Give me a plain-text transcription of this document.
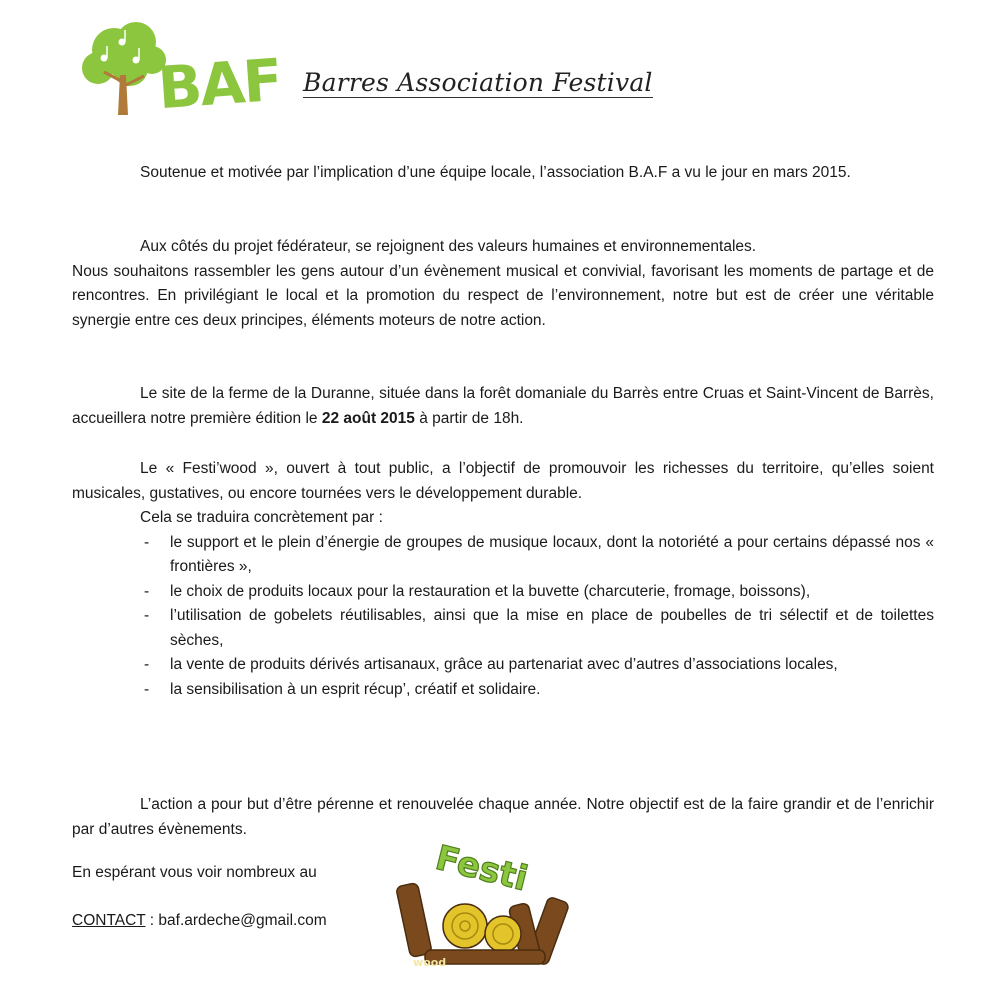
BAF Barres Association Festival

Soutenue et motivée par l’implication d’une équipe locale, l’association B.A.F a vu le jour en mars 2015.

Aux côtés du projet fédérateur, se rejoignent des valeurs humaines et environnementales.

Nous souhaitons rassembler les gens autour d’un évènement musical et convivial, favorisant les moments de partage et de rencontres. En privilégiant le local et la promotion du respect de l’environnement, notre but est de créer une véritable synergie entre ces deux principes, éléments moteurs de notre action.

Le site de la ferme de la Duranne, située dans la forêt domaniale du Barrès entre Cruas et Saint-Vincent de Barrès, accueillera notre première édition le 22 août 2015 à partir de 18h.

Le « Festi’wood », ouvert à tout public, a l’objectif de promouvoir les richesses du territoire, qu’elles soient musicales, gustatives, ou encore tournées vers le développement durable.

Cela se traduira concrètement par :

- le support et le plein d’énergie de groupes de musique locaux, dont la notoriété a pour certains dépassé nos « frontières »,
- le choix de produits locaux pour la restauration et la buvette (charcuterie, fromage, boissons),
- l’utilisation de gobelets réutilisables, ainsi que la mise en place de poubelles de tri sélectif et de toilettes sèches,
- la vente de produits dérivés artisanaux, grâce au partenariat avec d’autres d’associations locales,
- la sensibilisation à un esprit récup’, créatif et solidaire.

L’action a pour but d’être pérenne et renouvelée chaque année. Notre objectif est de la faire grandir et de l’enrichir par d’autres évènements.

En espérant vous voir nombreux au
CONTACT : baf.ardeche@gmail.com
Festi
wood
